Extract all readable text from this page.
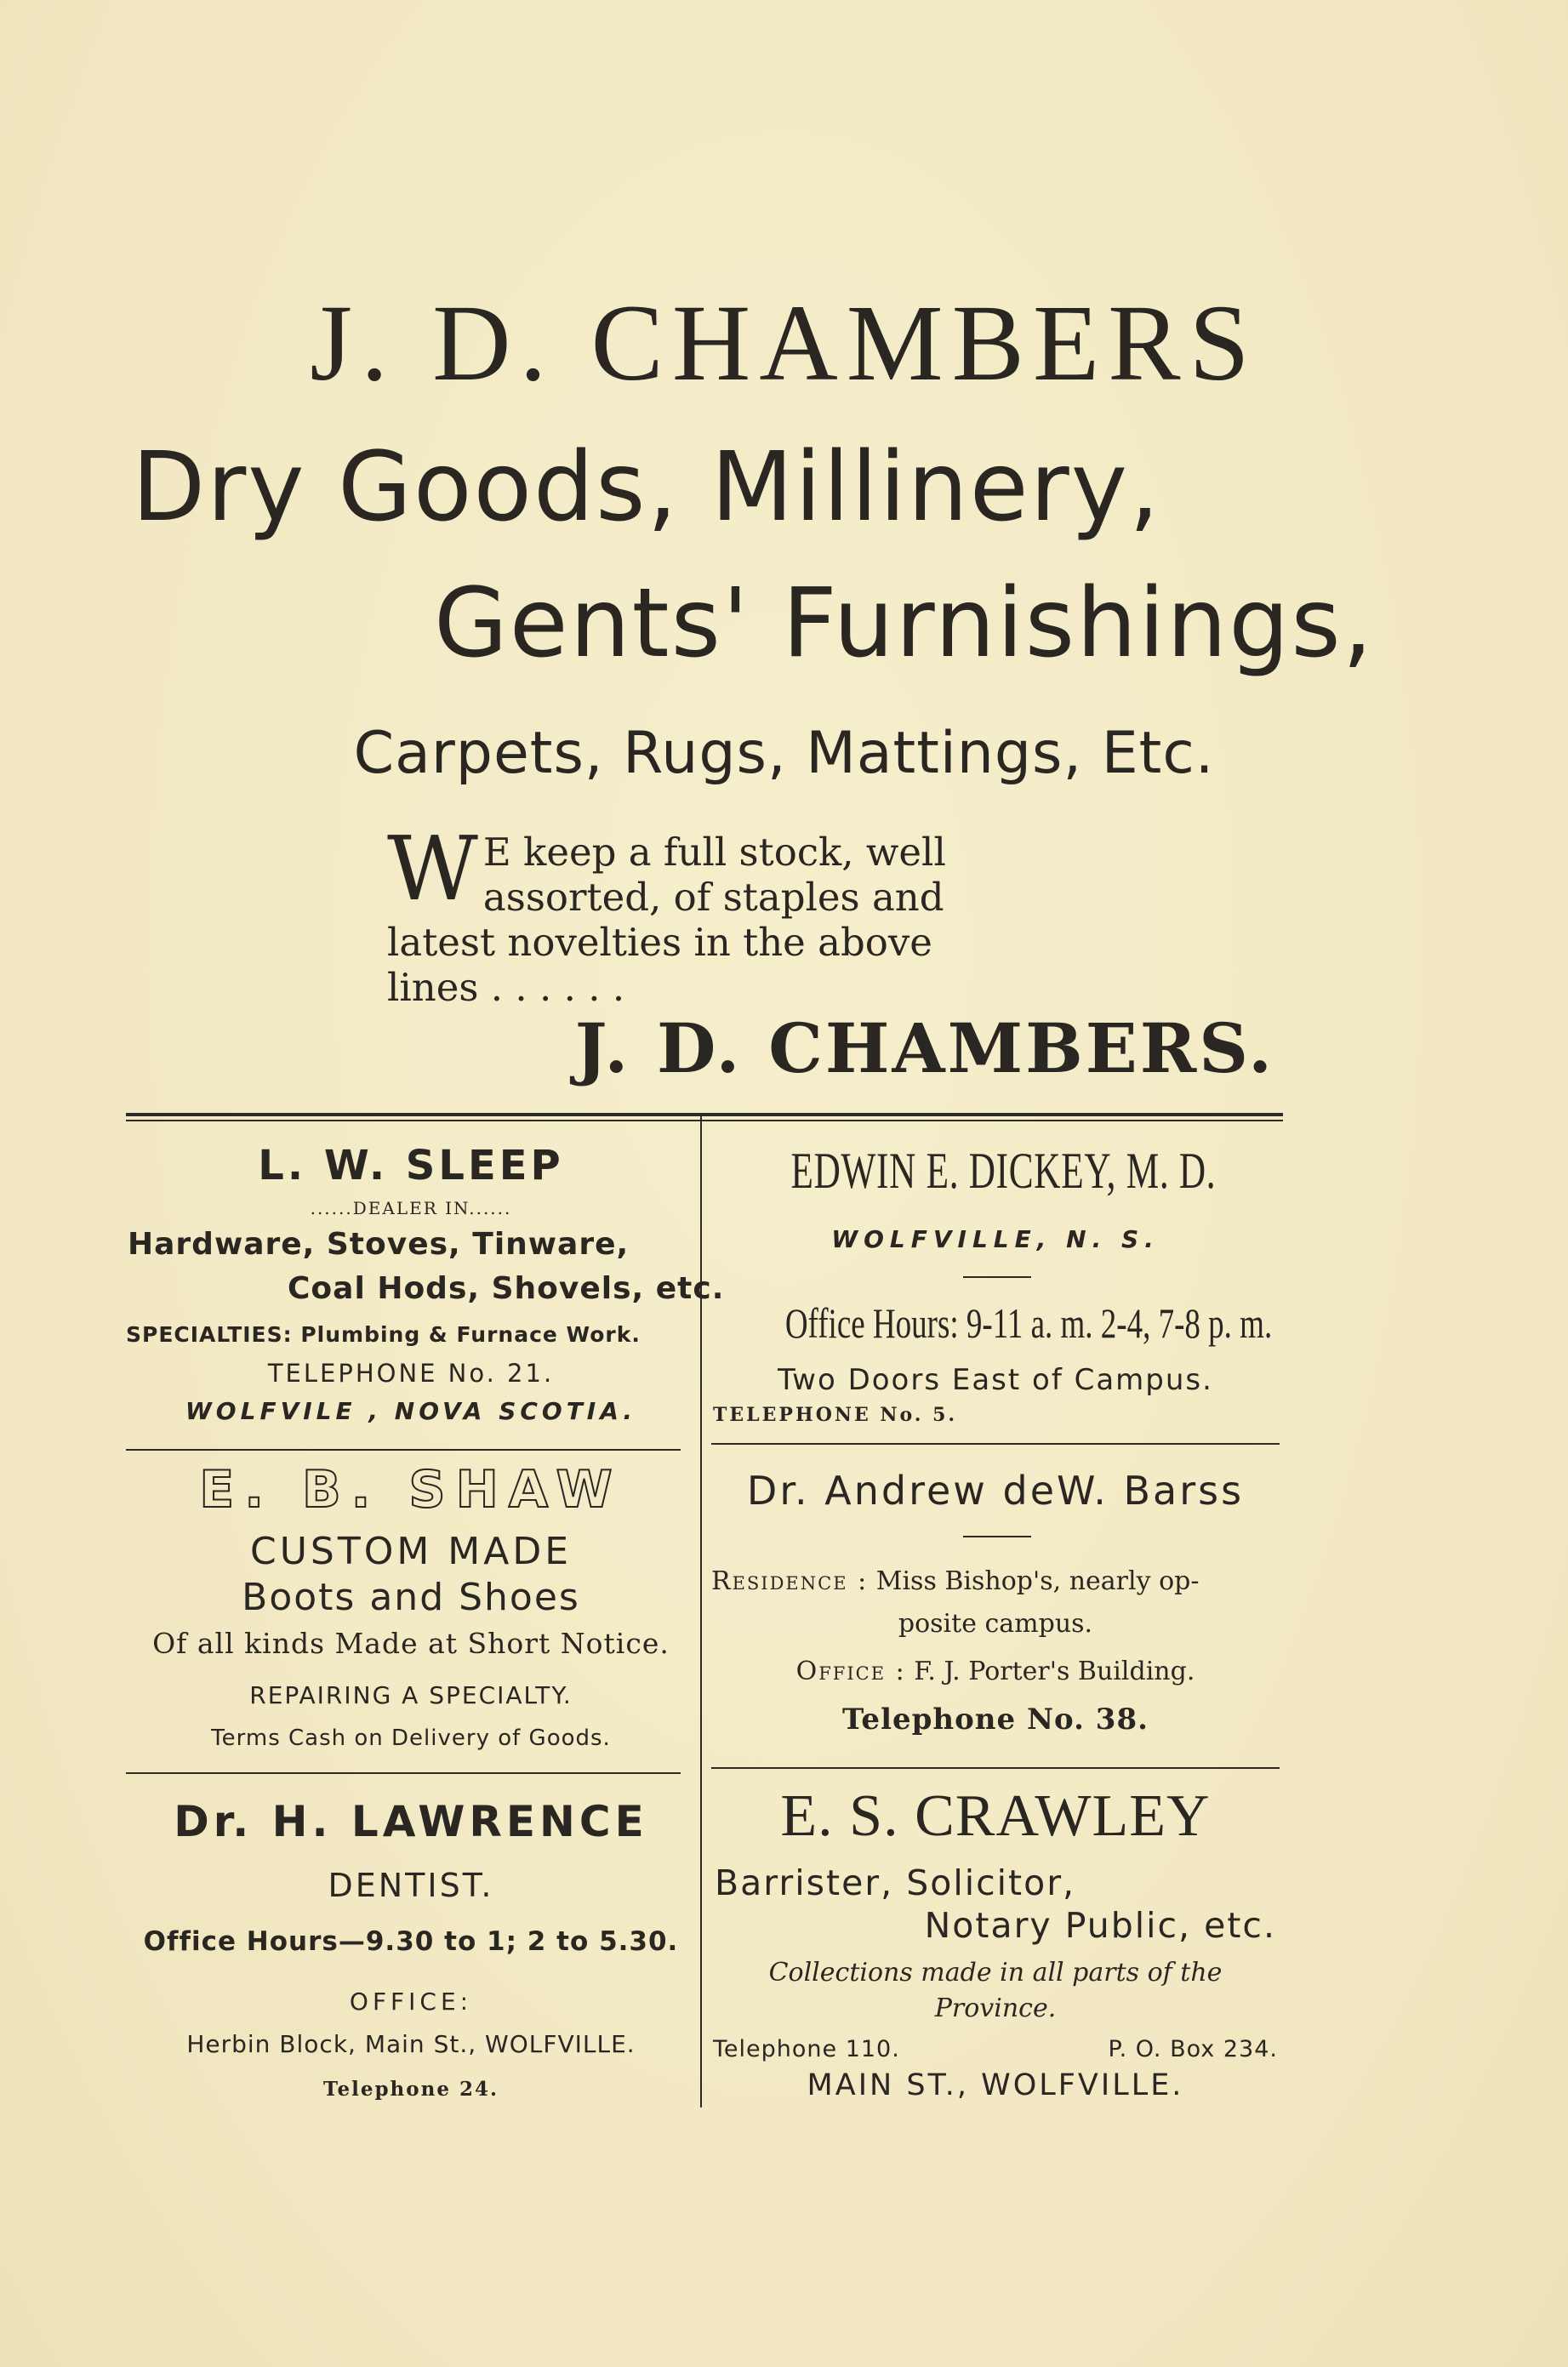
J. D. CHAMBERS
Dry Goods, Millinery,
Gents' Furnishings,
Carpets, Rugs, Mattings, Etc.
W E keep a full stock, well assorted, of staples and latest novelties in the above lines . . . . . .
J. D. CHAMBERS.
L. W. SLEEP
......DEALER IN......
Hardware, Stoves, Tinware,
Coal Hods, Shovels, etc.
SPECIALTIES: Plumbing & Furnace Work.
TELEPHONE No. 21.
WOLFVILE , NOVA SCOTIA.
EDWIN E. DICKEY, M. D.
WOLFVILLE, N. S.
Office Hours: 9-11 a. m. 2-4, 7-8 p. m.
Two Doors East of Campus.
TELEPHONE No. 5.
E. B. SHAW
CUSTOM MADE
Boots and Shoes
Of all kinds Made at Short Notice.
REPAIRING A SPECIALTY.
Terms Cash on Delivery of Goods.
Dr. Andrew deW. Barss
Residence : Miss Bishop's, nearly op-
posite campus.
Office : F. J. Porter's Building.
Telephone No. 38.
Dr. H. LAWRENCE
DENTIST.
Office Hours—9.30 to 1; 2 to 5.30.
OFFICE:
Herbin Block, Main St., WOLFVILLE.
Telephone 24.
E. S. CRAWLEY
Barrister, Solicitor,
Notary Public, etc.
Collections made in all parts of the
Province.
Telephone 110.	P. O. Box 234.
MAIN ST., WOLFVILLE.
